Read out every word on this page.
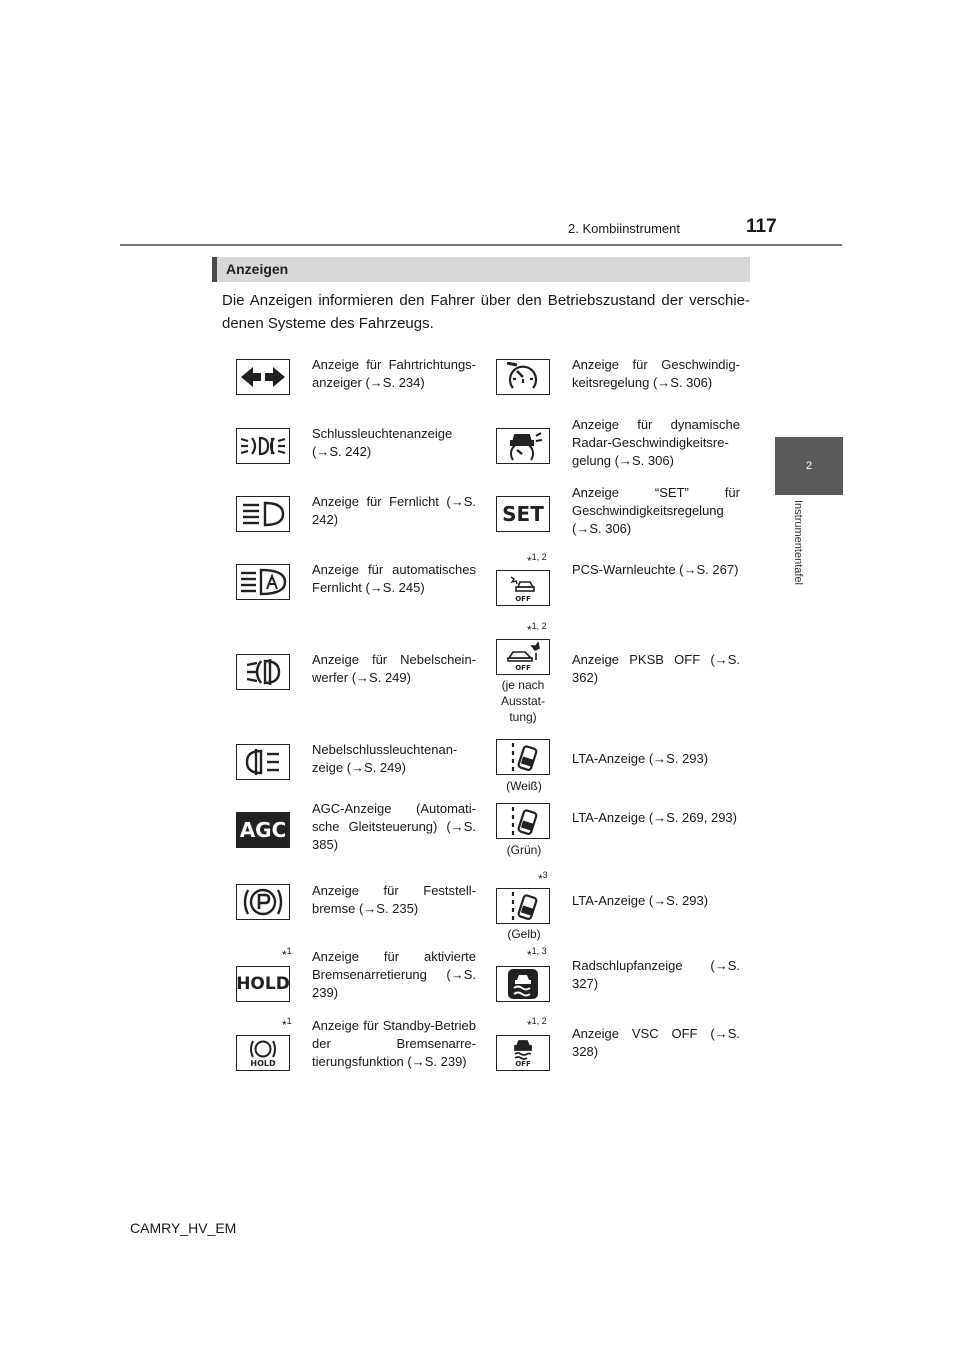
2. Kombiinstrument	117
2
Instrumententafel
Anzeigen
Die Anzeigen informieren den Fahrer über den Betriebszustand der verschie-denen Systeme des Fahrzeugs.
Anzeige für Fahrtrichtungs-anzeiger (→S. 234)
Schlussleuchtenanzeige (→S. 242)
Anzeige für Fernlicht (→S. 242)
Anzeige für automatisches Fernlicht (→S. 245)
Anzeige für Nebelschein-werfer (→S. 249)
Nebelschlussleuchtenan-zeige (→S. 249)
AGC
AGC-Anzeige (Automati-sche Gleitsteuerung) (→S. 385)
Anzeige für Feststell-bremse (→S. 235)
*$^1$
HOLD
Anzeige für aktivierte Bremsenarretierung (→S. 239)
*$^1$
HOLD
Anzeige für Standby-Betrieb der Bremsenarre-tierungsfunktion (→S. 239)
Anzeige für Geschwindig-keitsregelung (→S. 306)
Anzeige für dynamische Radar-Geschwindigkeitsre-gelung (→S. 306)
SET
Anzeige “SET” für Geschwindigkeitsregelung (→S. 306)
*$^{1, 2}$
OFF
PCS-Warnleuchte (→S. 267)
*$^{1, 2}$
OFF
(je nach Ausstat-tung)
Anzeige PKSB OFF (→S. 362)
(Weiß)
LTA-Anzeige (→S. 293)
(Grün)
LTA-Anzeige (→S. 269, 293)
*$^3$
(Gelb)
LTA-Anzeige (→S. 293)
*$^{1, 3}$
Radschlupfanzeige (→S. 327)
*$^{1, 2}$
OFF
Anzeige VSC OFF (→S. 328)
CAMRY_HV_EM
